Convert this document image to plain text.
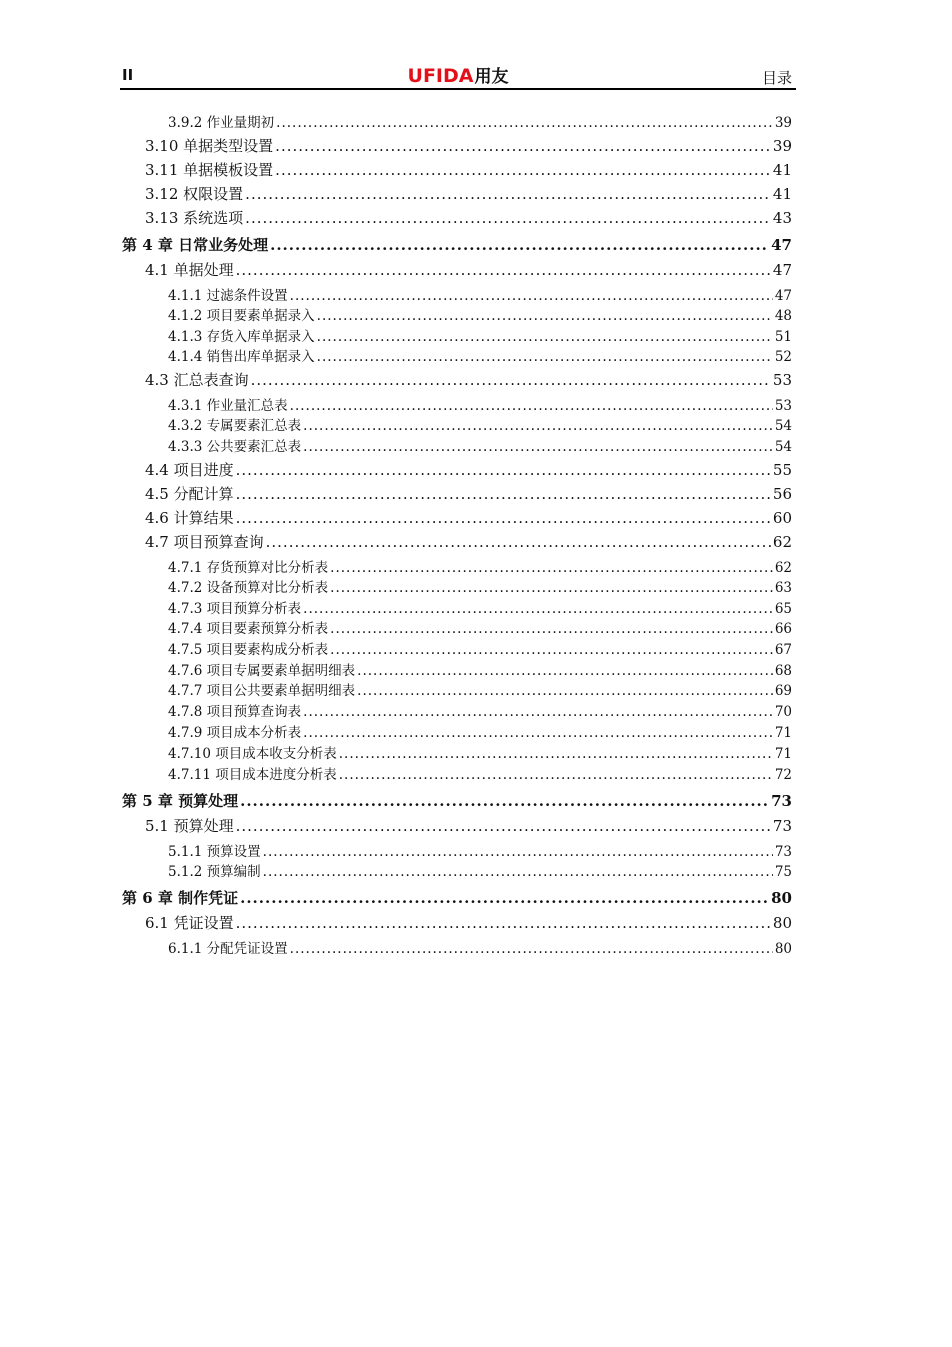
II	UFIDA用友	目录
3.9.2 作业量期初 .....	39
3.10 单据类型设置 .....	39
3.11 单据模板设置 .....	41
3.12 权限设置 .....	41
3.13 系统选项 .....	43
第 4 章 日常业务处理 .....	47
4.1 单据处理 .....	47
4.1.1 过滤条件设置 .....	47
4.1.2 项目要素单据录入 .....	48
4.1.3 存货入库单据录入 .....	51
4.1.4 销售出库单据录入 .....	52
4.3 汇总表查询 .....	53
4.3.1 作业量汇总表 .....	53
4.3.2 专属要素汇总表 .....	54
4.3.3 公共要素汇总表 .....	54
4.4 项目进度 .....	55
4.5 分配计算 .....	56
4.6 计算结果 .....	60
4.7 项目预算查询 .....	62
4.7.1 存货预算对比分析表 .....	62
4.7.2 设备预算对比分析表 .....	63
4.7.3 项目预算分析表 .....	65
4.7.4 项目要素预算分析表 .....	66
4.7.5 项目要素构成分析表 .....	67
4.7.6 项目专属要素单据明细表 .....	68
4.7.7 项目公共要素单据明细表 .....	69
4.7.8 项目预算查询表 .....	70
4.7.9 项目成本分析表 .....	71
4.7.10 项目成本收支分析表 .....	71
4.7.11 项目成本进度分析表 .....	72
第 5 章 预算处理 .....	73
5.1 预算处理 .....	73
5.1.1 预算设置 .....	73
5.1.2 预算编制 .....	75
第 6 章 制作凭证 .....	80
6.1 凭证设置 .....	80
6.1.1 分配凭证设置 .....	80
